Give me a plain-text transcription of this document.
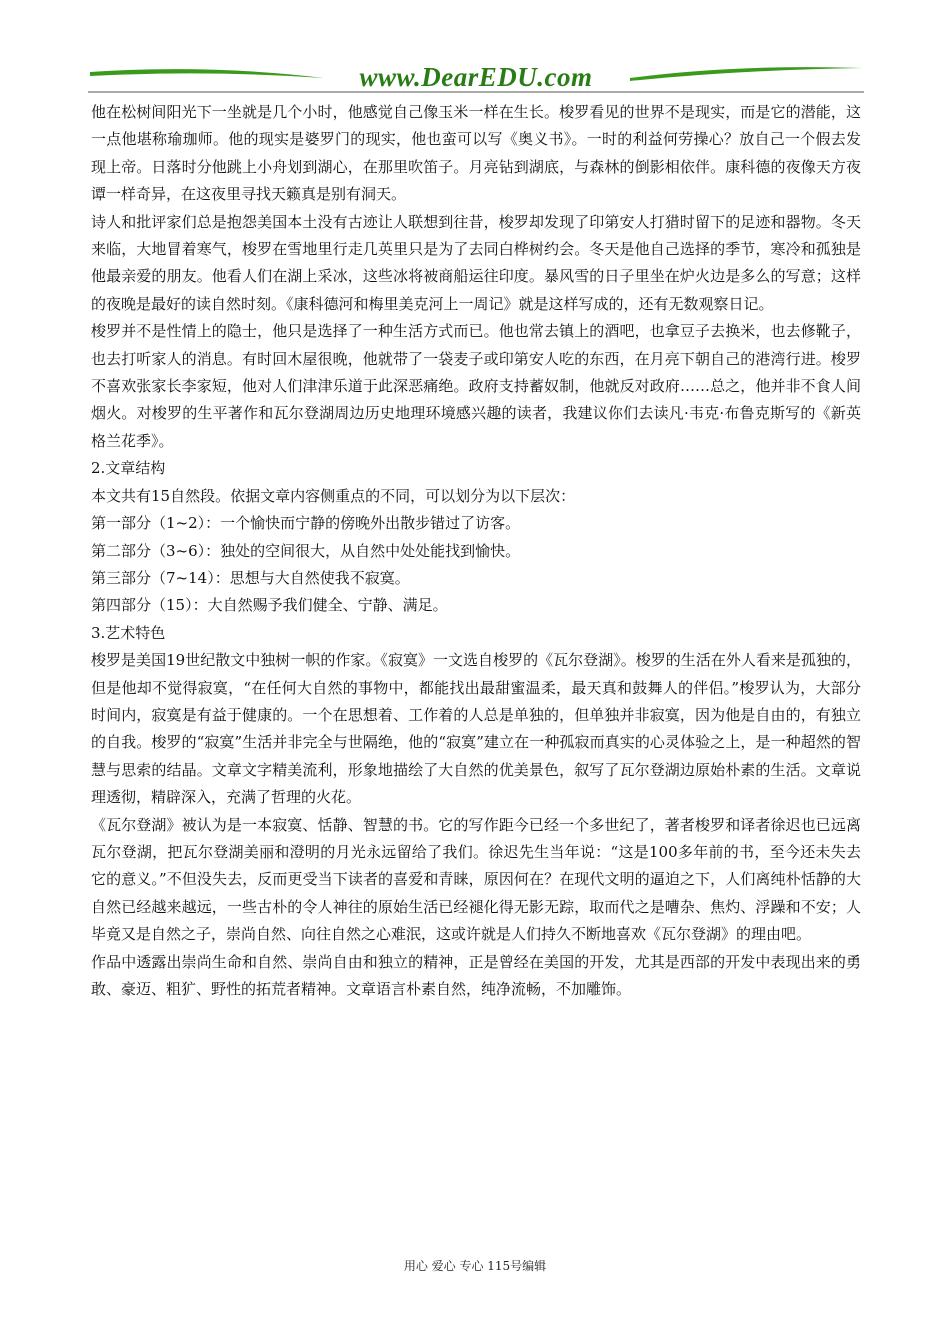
www.DearEDU.com

他在松树间阳光下一坐就是几个小时，他感觉自己像玉米一样在生长。梭罗看见的世界不是现实，而是它的潜能，这一点他堪称瑜珈师。他的现实是婆罗门的现实，他也蛮可以写《奥义书》。一时的利益何劳操心？放自己一个假去发现上帝。日落时分他跳上小舟划到湖心，在那里吹笛子。月亮钻到湖底，与森林的倒影相依伴。康科德的夜像天方夜谭一样奇异，在这夜里寻找天籁真是别有洞天。

诗人和批评家们总是抱怨美国本土没有古迹让人联想到往昔，梭罗却发现了印第安人打猎时留下的足迹和器物。冬天来临，大地冒着寒气，梭罗在雪地里行走几英里只是为了去同白桦树约会。冬天是他自己选择的季节，寒冷和孤独是他最亲爱的朋友。他看人们在湖上采冰，这些冰将被商船运往印度。暴风雪的日子里坐在炉火边是多么的写意；这样的夜晚是最好的读自然时刻。《康科德河和梅里美克河上一周记》就是这样写成的，还有无数观察日记。

梭罗并不是性情上的隐士，他只是选择了一种生活方式而已。他也常去镇上的酒吧，也拿豆子去换米，也去修靴子，也去打听家人的消息。有时回木屋很晚，他就带了一袋麦子或印第安人吃的东西，在月亮下朝自己的港湾行进。梭罗不喜欢张家长李家短，他对人们津津乐道于此深恶痛绝。政府支持蓄奴制，他就反对政府……总之，他并非不食人间烟火。对梭罗的生平著作和瓦尔登湖周边历史地理环境感兴趣的读者，我建议你们去读凡·韦克·布鲁克斯写的《新英格兰花季》。

2.文章结构

本文共有15自然段。依据文章内容侧重点的不同，可以划分为以下层次：

第一部分（1~2）：一个愉快而宁静的傍晚外出散步错过了访客。

第二部分（3~6）：独处的空间很大，从自然中处处能找到愉快。

第三部分（7~14）：思想与大自然使我不寂寞。

第四部分（15）：大自然赐予我们健全、宁静、满足。

3.艺术特色

梭罗是美国19世纪散文中独树一帜的作家。《寂寞》一文选自梭罗的《瓦尔登湖》。梭罗的生活在外人看来是孤独的，但是他却不觉得寂寞，“在任何大自然的事物中，都能找出最甜蜜温柔，最天真和鼓舞人的伴侣。”梭罗认为，大部分时间内，寂寞是有益于健康的。一个在思想着、工作着的人总是单独的，但单独并非寂寞，因为他是自由的，有独立的自我。梭罗的“寂寞”生活并非完全与世隔绝，他的“寂寞”建立在一种孤寂而真实的心灵体验之上，是一种超然的智慧与思索的结晶。文章文字精美流利，形象地描绘了大自然的优美景色，叙写了瓦尔登湖边原始朴素的生活。文章说理透彻，精辟深入，充满了哲理的火花。

《瓦尔登湖》被认为是一本寂寞、恬静、智慧的书。它的写作距今已经一个多世纪了，著者梭罗和译者徐迟也已远离瓦尔登湖，把瓦尔登湖美丽和澄明的月光永远留给了我们。徐迟先生当年说：“这是100多年前的书，至今还未失去它的意义。”不但没失去，反而更受当下读者的喜爱和青睐，原因何在？在现代文明的逼迫之下，人们离纯朴恬静的大自然已经越来越远，一些古朴的令人神往的原始生活已经褪化得无影无踪，取而代之是嘈杂、焦灼、浮躁和不安；人毕竟又是自然之子，崇尚自然、向往自然之心难泯，这或许就是人们持久不断地喜欢《瓦尔登湖》的理由吧。

作品中透露出崇尚生命和自然、崇尚自由和独立的精神，正是曾经在美国的开发，尤其是西部的开发中表现出来的勇敢、豪迈、粗犷、野性的拓荒者精神。文章语言朴素自然，纯净流畅，不加雕饰。

用心 爱心 专心 115号编辑
